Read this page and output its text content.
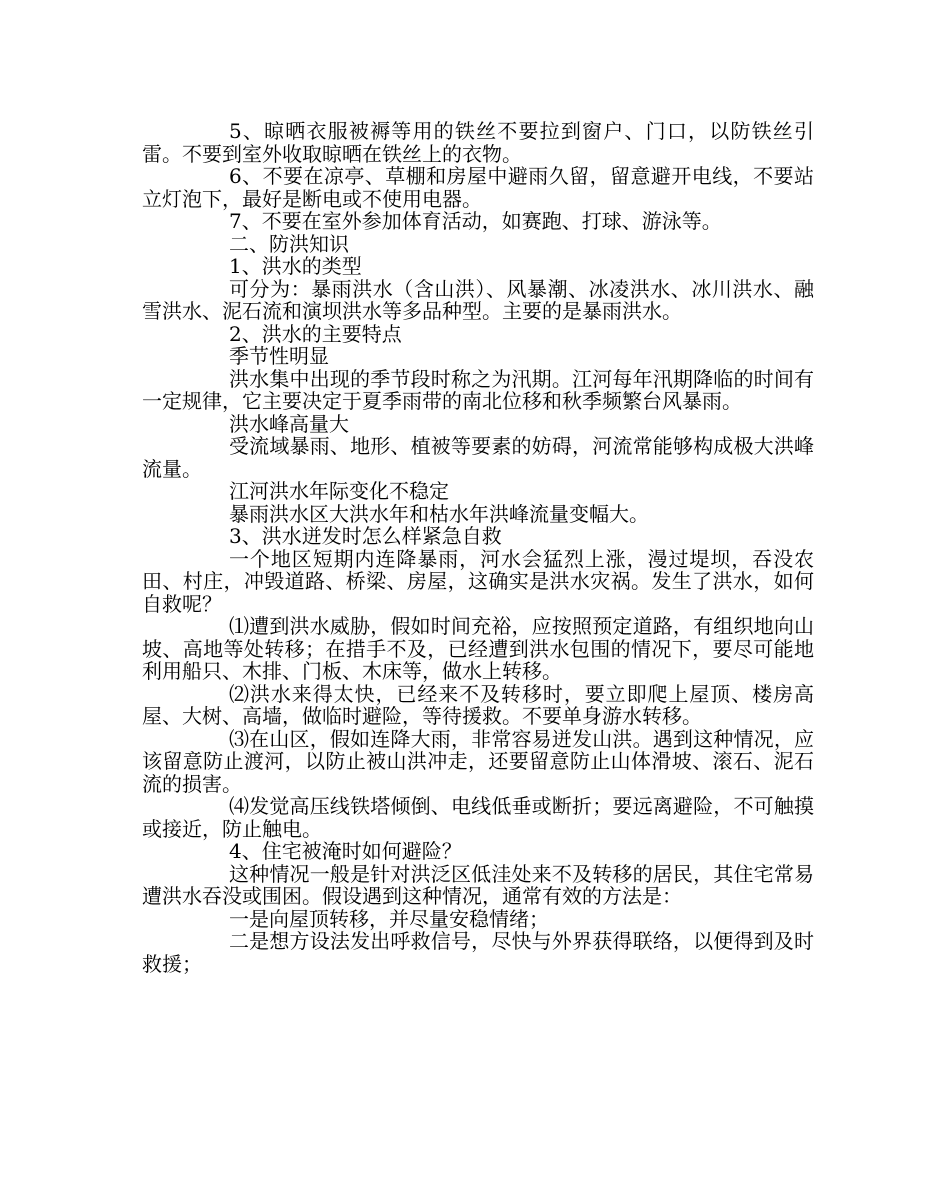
5、晾晒衣服被褥等用的铁丝不要拉到窗户、门口，以防铁丝引雷。不要到室外收取晾晒在铁丝上的衣物。

6、不要在凉亭、草棚和房屋中避雨久留，留意避开电线，不要站立灯泡下，最好是断电或不使用电器。

7、不要在室外参加体育活动，如赛跑、打球、游泳等。

二、防洪知识

1、洪水的类型

可分为：暴雨洪水（含山洪）、风暴潮、冰凌洪水、冰川洪水、融雪洪水、泥石流和演坝洪水等多品种型。主要的是暴雨洪水。

2、洪水的主要特点

季节性明显

洪水集中出现的季节段时称之为汛期。江河每年汛期降临的时间有一定规律，它主要决定于夏季雨带的南北位移和秋季频繁台风暴雨。

洪水峰高量大

受流域暴雨、地形、植被等要素的妨碍，河流常能够构成极大洪峰流量。

江河洪水年际变化不稳定

暴雨洪水区大洪水年和枯水年洪峰流量变幅大。

3、洪水迸发时怎么样紧急自救

一个地区短期内连降暴雨，河水会猛烈上涨，漫过堤坝，吞没农田、村庄，冲毁道路、桥梁、房屋，这确实是洪水灾祸。发生了洪水，如何自救呢？

⑴遭到洪水威胁，假如时间充裕，应按照预定道路，有组织地向山坡、高地等处转移；在措手不及，已经遭到洪水包围的情况下，要尽可能地利用船只、木排、门板、木床等，做水上转移。

⑵洪水来得太快，已经来不及转移时，要立即爬上屋顶、楼房高屋、大树、高墙，做临时避险，等待援救。不要单身游水转移。

⑶在山区，假如连降大雨，非常容易迸发山洪。遇到这种情况，应该留意防止渡河，以防止被山洪冲走，还要留意防止山体滑坡、滚石、泥石流的损害。

⑷发觉高压线铁塔倾倒、电线低垂或断折；要远离避险，不可触摸或接近，防止触电。

4、住宅被淹时如何避险？

这种情况一般是针对洪泛区低洼处来不及转移的居民，其住宅常易遭洪水吞没或围困。假设遇到这种情况，通常有效的方法是：

一是向屋顶转移，并尽量安稳情绪；

二是想方设法发出呼救信号，尽快与外界获得联络，以便得到及时救援；
